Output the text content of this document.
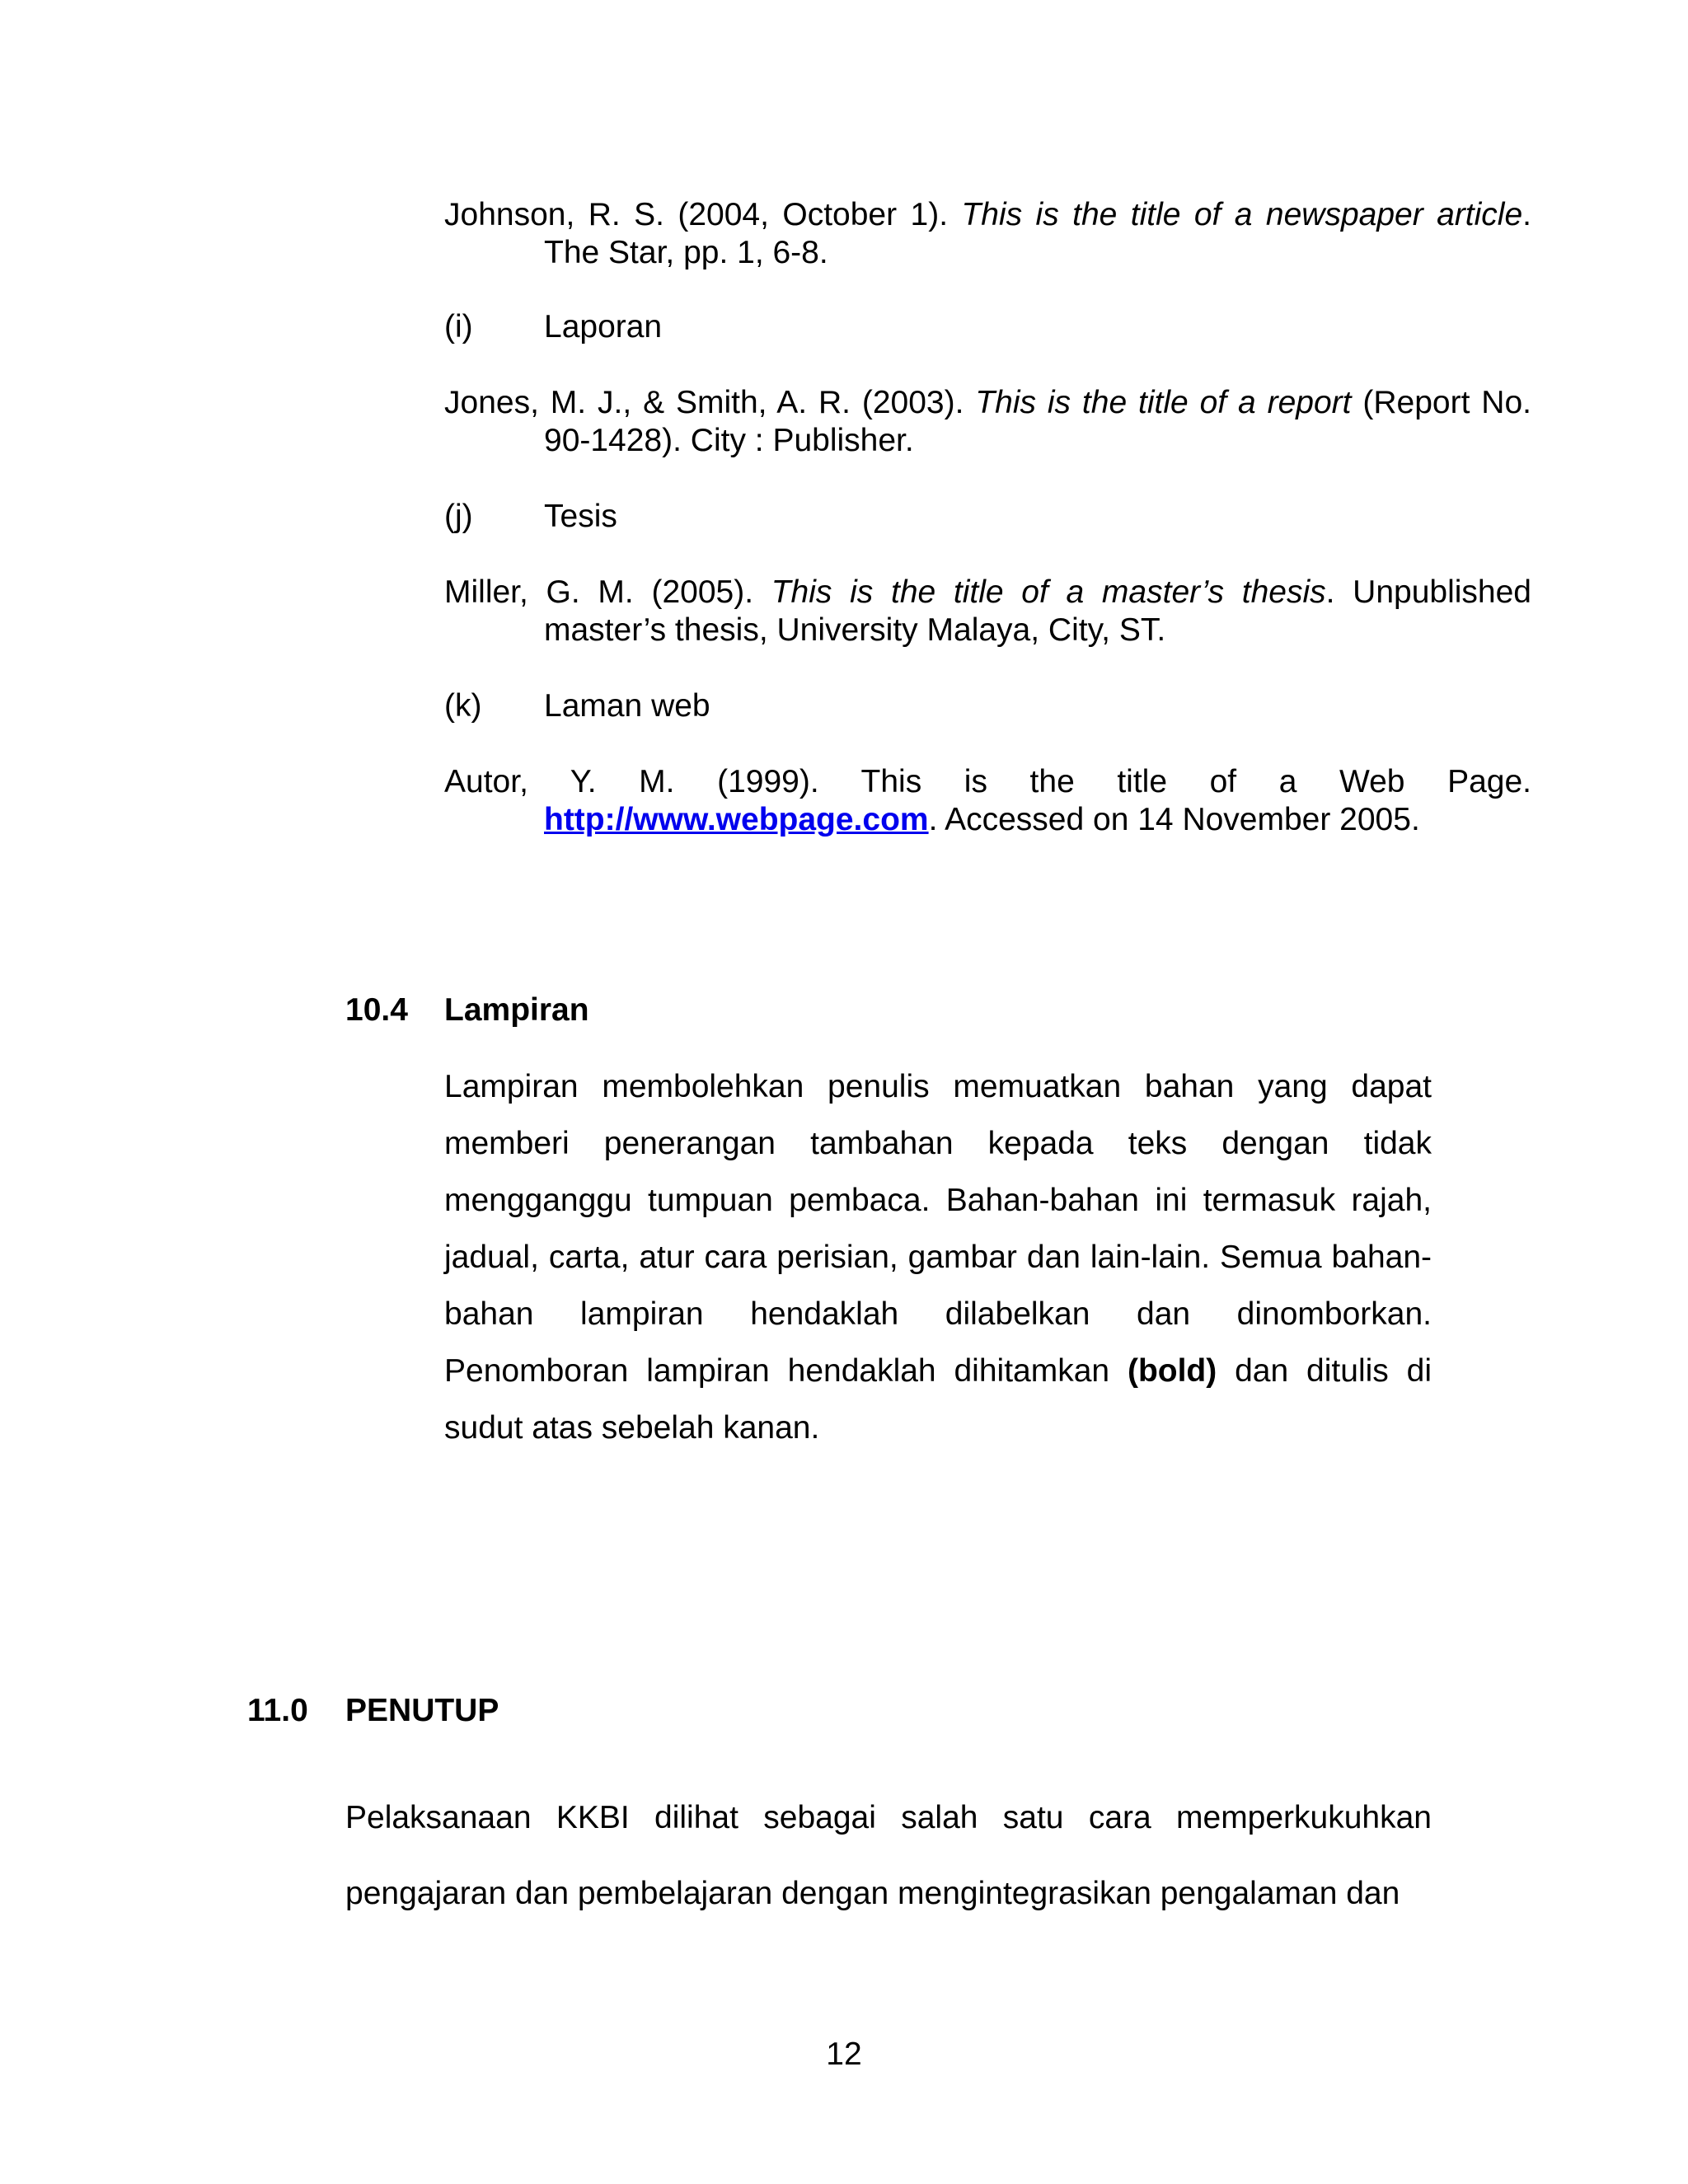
Johnson, R. S. (2004, October 1). This is the title of a newspaper article. The Star, pp. 1, 6-8.

(i) Laporan

Jones, M. J., & Smith, A. R. (2003). This is the title of a report (Report No. 90-1428). City : Publisher.

(j) Tesis

Miller, G. M. (2005). This is the title of a master’s thesis. Unpublished master’s thesis, University Malaya, City, ST.

(k) Laman web

Autor, Y. M. (1999). This is the title of a Web Page. http://www.webpage.com. Accessed on 14 November 2005.

10.4 Lampiran

Lampiran membolehkan penulis memuatkan bahan yang dapat memberi penerangan tambahan kepada teks dengan tidak mengganggu tumpuan pembaca. Bahan-bahan ini termasuk rajah, jadual, carta, atur cara perisian, gambar dan lain-lain. Semua bahan-bahan lampiran hendaklah dilabelkan dan dinomborkan. Penomboran lampiran hendaklah dihitamkan (bold) dan ditulis di sudut atas sebelah kanan.

11.0 PENUTUP

Pelaksanaan KKBI dilihat sebagai salah satu cara memperkukuhkan pengajaran dan pembelajaran dengan mengintegrasikan pengalaman dan

12
